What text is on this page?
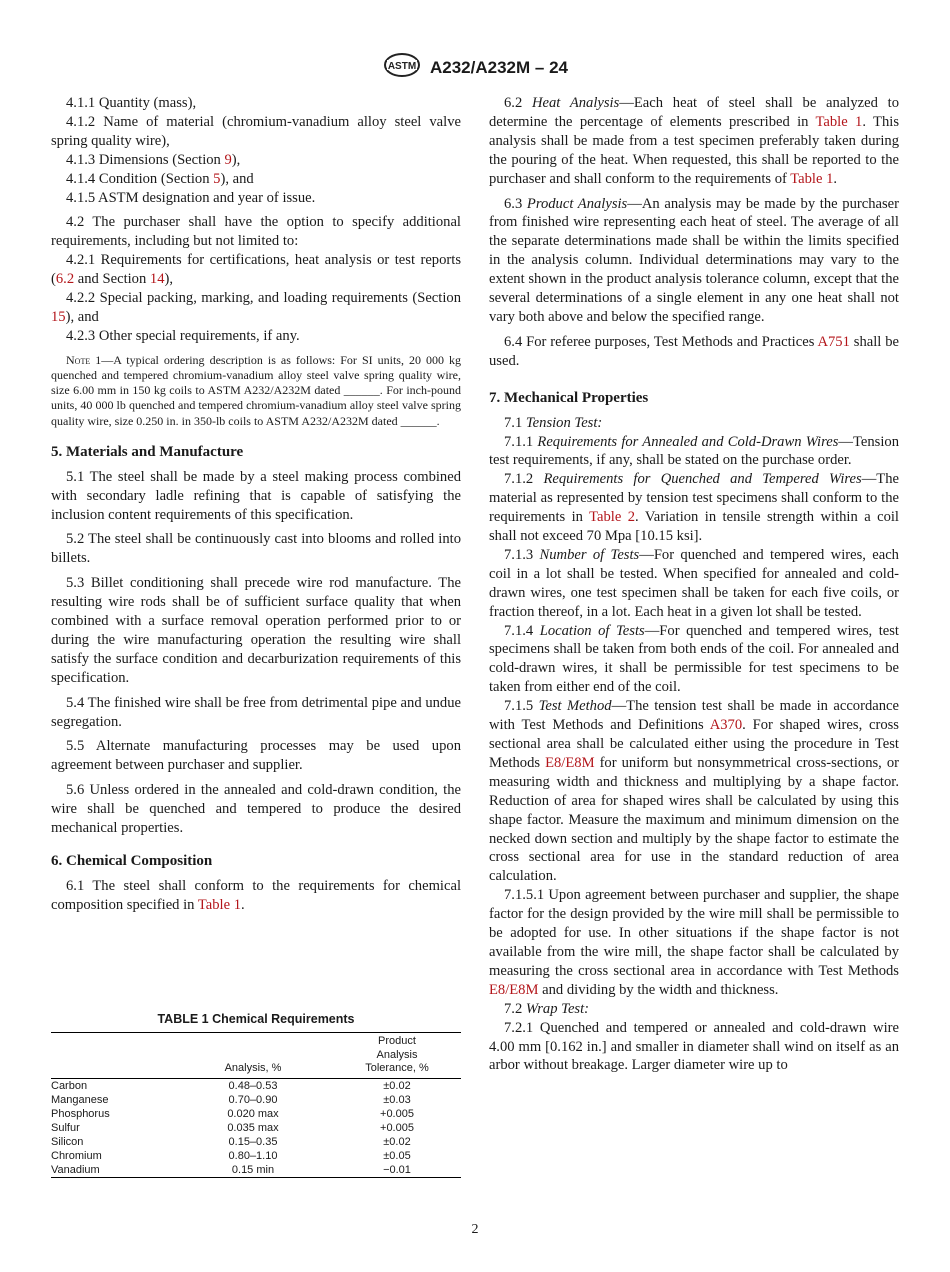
ASTM A232/A232M – 24

4.1.1 Quantity (mass),

4.1.2 Name of material (chromium-vanadium alloy steel valve spring quality wire),

4.1.3 Dimensions (Section 9),

4.1.4 Condition (Section 5), and

4.1.5 ASTM designation and year of issue.

4.2 The purchaser shall have the option to specify additional requirements, including but not limited to:

4.2.1 Requirements for certifications, heat analysis or test reports (6.2 and Section 14),

4.2.2 Special packing, marking, and loading requirements (Section 15), and

4.2.3 Other special requirements, if any.

Note 1—A typical ordering description is as follows: For SI units, 20 000 kg quenched and tempered chromium-vanadium alloy steel valve spring quality wire, size 6.00 mm in 150 kg coils to ASTM A232/A232M dated ______. For inch-pound units, 40 000 lb quenched and tempered chromium-vanadium alloy steel valve spring quality wire, size 0.250 in. in 350-lb coils to ASTM A232/A232M dated ______.

5. Materials and Manufacture

5.1 The steel shall be made by a steel making process combined with secondary ladle refining that is capable of satisfying the inclusion content requirements of this specification.

5.2 The steel shall be continuously cast into blooms and rolled into billets.

5.3 Billet conditioning shall precede wire rod manufacture. The resulting wire rods shall be of sufficient surface quality that when combined with a surface removal operation performed prior to or during the wire manufacturing operation the resulting wire shall satisfy the surface condition and decarburization requirements of this specification.

5.4 The finished wire shall be free from detrimental pipe and undue segregation.

5.5 Alternate manufacturing processes may be used upon agreement between purchaser and supplier.

5.6 Unless ordered in the annealed and cold-drawn condition, the wire shall be quenched and tempered to produce the desired mechanical properties.

6. Chemical Composition

6.1 The steel shall conform to the requirements for chemical composition specified in Table 1.

TABLE 1 Chemical Requirements
	Analysis, %	Product
Analysis
Tolerance, %
Carbon	0.48–0.53	±0.02
Manganese	0.70–0.90	±0.03
Phosphorus	0.020 max	+0.005
Sulfur	0.035 max	+0.005
Silicon	0.15–0.35	±0.02
Chromium	0.80–1.10	±0.05
Vanadium	0.15 min	−0.01

6.2 Heat Analysis—Each heat of steel shall be analyzed to determine the percentage of elements prescribed in Table 1. This analysis shall be made from a test specimen preferably taken during the pouring of the heat. When requested, this shall be reported to the purchaser and shall conform to the requirements of Table 1.

6.3 Product Analysis—An analysis may be made by the purchaser from finished wire representing each heat of steel. The average of all the separate determinations made shall be within the limits specified in the analysis column. Individual determinations may vary to the extent shown in the product analysis tolerance column, except that the several determinations of a single element in any one heat shall not vary both above and below the specified range.

6.4 For referee purposes, Test Methods and Practices A751 shall be used.

7. Mechanical Properties

7.1 Tension Test:

7.1.1 Requirements for Annealed and Cold-Drawn Wires—Tension test requirements, if any, shall be stated on the purchase order.

7.1.2 Requirements for Quenched and Tempered Wires—The material as represented by tension test specimens shall conform to the requirements in Table 2. Variation in tensile strength within a coil shall not exceed 70 Mpa [10.15 ksi].

7.1.3 Number of Tests—For quenched and tempered wires, each coil in a lot shall be tested. When specified for annealed and cold-drawn wires, one test specimen shall be taken for each five coils, or fraction thereof, in a lot. Each heat in a given lot shall be tested.

7.1.4 Location of Tests—For quenched and tempered wires, test specimens shall be taken from both ends of the coil. For annealed and cold-drawn wires, it shall be permissible for test specimens to be taken from either end of the coil.

7.1.5 Test Method—The tension test shall be made in accordance with Test Methods and Definitions A370. For shaped wires, cross sectional area shall be calculated either using the procedure in Test Methods E8/E8M for uniform but nonsymmetrical cross-sections, or measuring width and thickness and multiplying by a shape factor. Reduction of area for shaped wires shall be calculated by using this shape factor. Measure the maximum and minimum dimension on the necked down section and multiply by the shape factor to estimate the cross sectional area for use in the standard reduction of area calculation.

7.1.5.1 Upon agreement between purchaser and supplier, the shape factor for the design provided by the wire mill shall be permissible to be adopted for use. In other situations if the shape factor is not available from the wire mill, the shape factor shall be calculated by measuring the cross sectional area in accordance with Test Methods E8/E8M and dividing by the width and thickness.

7.2 Wrap Test:

7.2.1 Quenched and tempered or annealed and cold-drawn wire 4.00 mm [0.162 in.] and smaller in diameter shall wind on itself as an arbor without breakage. Larger diameter wire up to

2
